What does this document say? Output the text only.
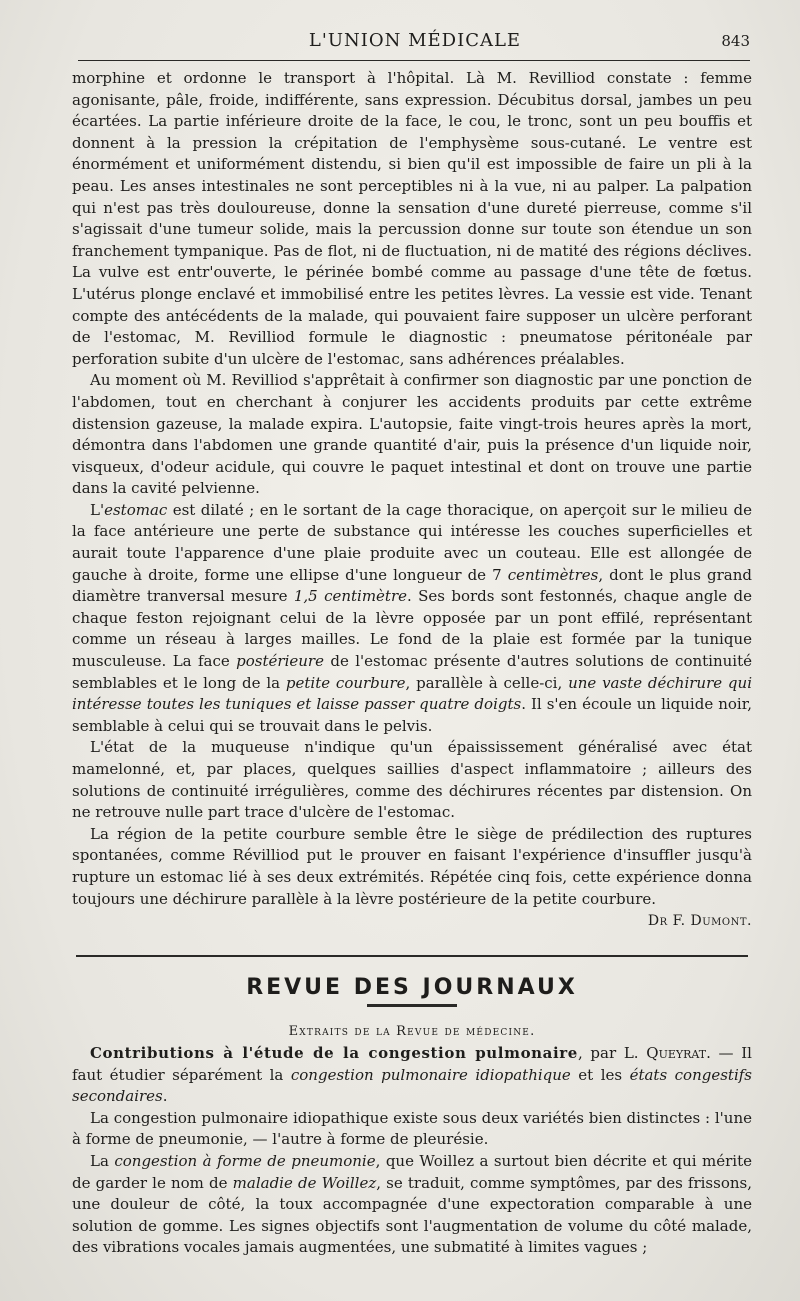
L'UNION MÉDICALE	843

morphine et ordonne le transport à l'hôpital. Là M. Revilliod constate : femme agonisante, pâle, froide, indifférente, sans expression. Décubitus dorsal, jambes un peu écartées. La partie inférieure droite de la face, le cou, le tronc, sont un peu bouffis et donnent à la pression la crépitation de l'emphysème sous-cutané. Le ventre est énormément et uniformément distendu, si bien qu'il est impossible de faire un pli à la peau. Les anses intestinales ne sont perceptibles ni à la vue, ni au palper. La palpation qui n'est pas très douloureuse, donne la sensation d'une dureté pierreuse, comme s'il s'agissait d'une tumeur solide, mais la percussion donne sur toute son étendue un son franchement tympanique. Pas de flot, ni de fluctuation, ni de matité des régions déclives. La vulve est entr'ouverte, le périnée bombé comme au passage d'une tête de fœtus. L'utérus plonge enclavé et immobilisé entre les petites lèvres. La vessie est vide. Tenant compte des antécédents de la malade, qui pouvaient faire supposer un ulcère perforant de l'estomac, M. Revilliod formule le diagnostic : pneumatose péritonéale par perforation subite d'un ulcère de l'estomac, sans adhérences préalables.

Au moment où M. Revilliod s'apprêtait à confirmer son diagnostic par une ponction de l'abdomen, tout en cherchant à conjurer les accidents produits par cette extrême distension gazeuse, la malade expira. L'autopsie, faite vingt-trois heures après la mort, démontra dans l'abdomen une grande quantité d'air, puis la présence d'un liquide noir, visqueux, d'odeur acidule, qui couvre le paquet intestinal et dont on trouve une partie dans la cavité pelvienne.

L'estomac est dilaté ; en le sortant de la cage thoracique, on aperçoit sur le milieu de la face antérieure une perte de substance qui intéresse les couches superficielles et aurait toute l'apparence d'une plaie produite avec un couteau. Elle est allongée de gauche à droite, forme une ellipse d'une longueur de 7 centimètres, dont le plus grand diamètre tranversal mesure 1,5 centimètre. Ses bords sont festonnés, chaque angle de chaque feston rejoignant celui de la lèvre opposée par un pont effilé, représentant comme un réseau à larges mailles. Le fond de la plaie est formée par la tunique musculeuse. La face postérieure de l'estomac présente d'autres solutions de continuité semblables et le long de la petite courbure, parallèle à celle-ci, une vaste déchirure qui intéresse toutes les tuniques et laisse passer quatre doigts. Il s'en écoule un liquide noir, semblable à celui qui se trouvait dans le pelvis.

L'état de la muqueuse n'indique qu'un épaississement généralisé avec état mamelonné, et, par places, quelques saillies d'aspect inflammatoire ; ailleurs des solutions de continuité irrégulières, comme des déchirures récentes par distension. On ne retrouve nulle part trace d'ulcère de l'estomac.

La région de la petite courbure semble être le siège de prédilection des ruptures spontanées, comme Révilliod put le prouver en faisant l'expérience d'insuffler jusqu'à rupture un estomac lié à ses deux extrémités. Répétée cinq fois, cette expérience donna toujours une déchirure parallèle à la lèvre postérieure de la petite courbure.

Dr F. Dumont.
REVUE DES JOURNAUX
Extraits de la Revue de médecine.

Contributions à l'étude de la congestion pulmonaire, par L. Queyrat. — Il faut étudier séparément la congestion pulmonaire idiopathique et les états congestifs secondaires.

La congestion pulmonaire idiopathique existe sous deux variétés bien distinctes : l'une à forme de pneumonie, — l'autre à forme de pleurésie.

La congestion à forme de pneumonie, que Woillez a surtout bien décrite et qui mérite de garder le nom de maladie de Woillez, se traduit, comme symptômes, par des frissons, une douleur de côté, la toux accompagnée d'une expectoration comparable à une solution de gomme. Les signes objectifs sont l'augmentation de volume du côté malade, des vibrations vocales jamais augmentées, une submatité à limites vagues ;
